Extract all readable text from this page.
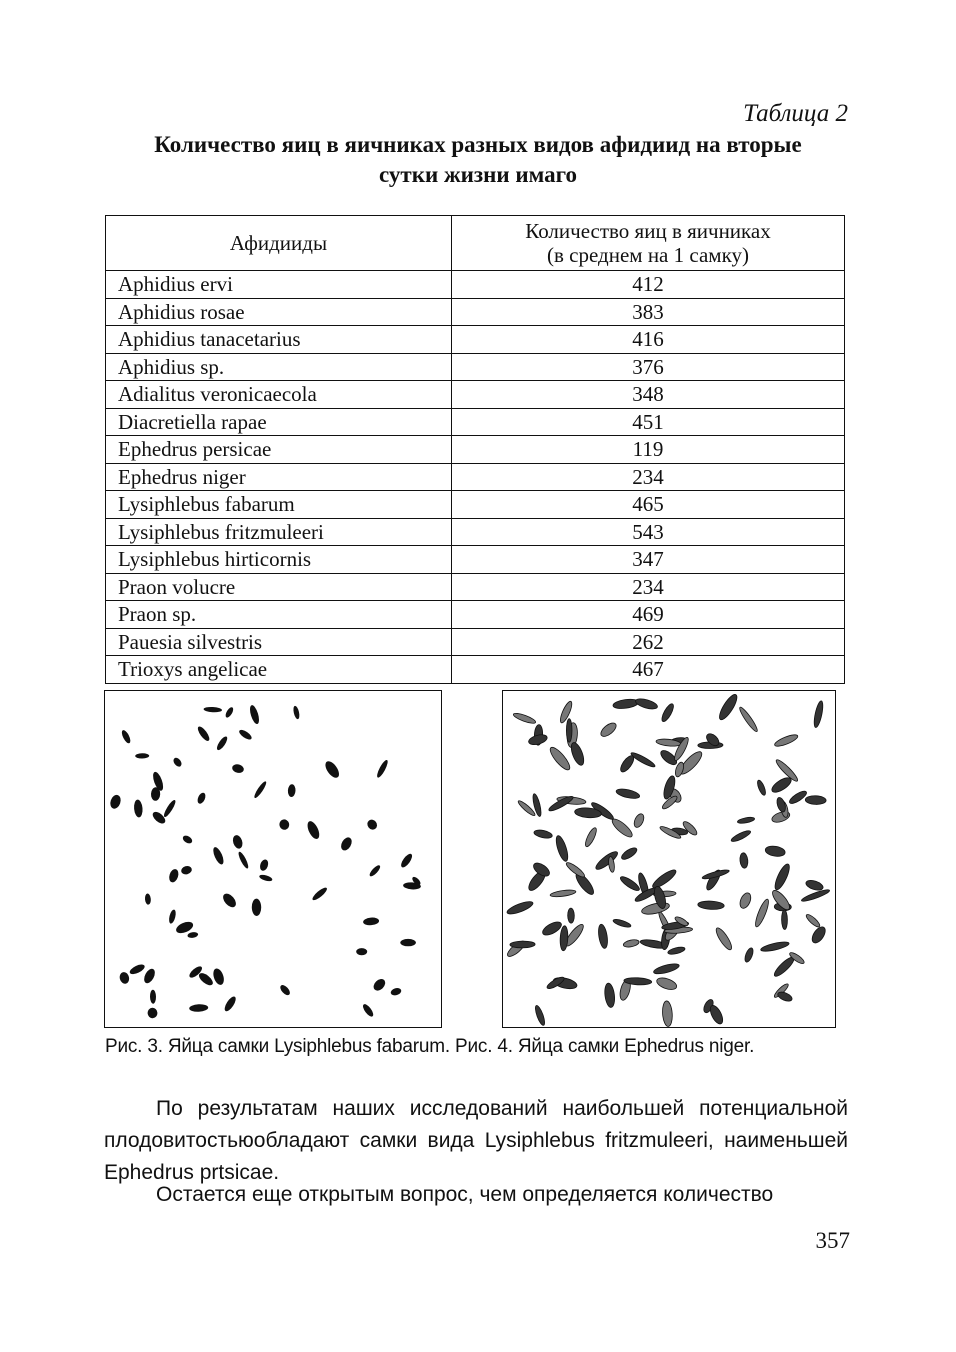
Таблица 2
Количество яиц в яичниках разных видов афидиид на вторые
сутки жизни имаго
Афидииды	Количество яиц в яичниках
(в среднем на 1 самку)

Aphidius ervi	412
Aphidius rosae	383
Aphidius tanacetarius	416
Aphidius sp.	376
Adialitus veronicaecola	348
Diacretiella rapae	451
Ephedrus persicae	119
Ephedrus niger	234
Lysiphlebus fabarum	465
Lysiphlebus fritzmuleeri	543
Lysiphlebus hirticornis	347
Praon volucre	234
Praon sp.	469
Pauesia silvestris	262
Trioxys angelicae	467
Рис. 3. Яйца самки Lysiphlebus fabarum. Рис. 4. Яйца самки Ephedrus niger.
По результатам наших исследований наибольшей потенциальной плодовитостьюобладают самки вида Lysiphlebus fritzmuleeri, наименьшей Ephedrus prtsicae.
Остается еще открытым вопрос, чем определяется количество
357
